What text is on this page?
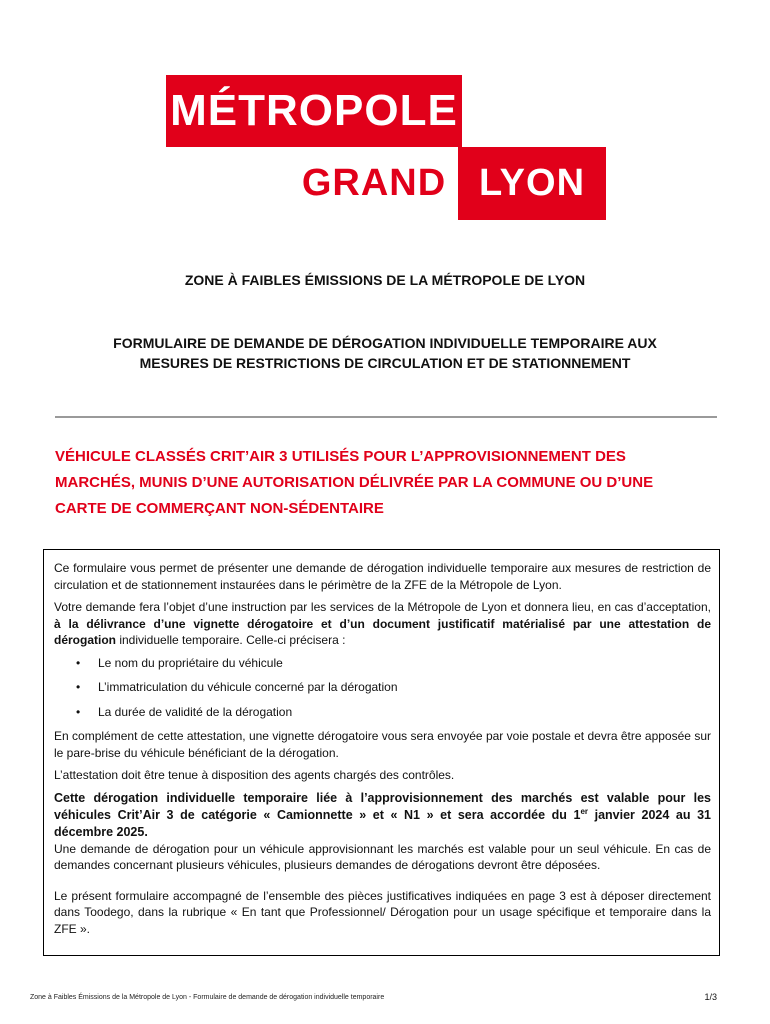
MÉTROPOLE
GRAND LYON
ZONE À FAIBLES ÉMISSIONS DE LA MÉTROPOLE DE LYON
FORMULAIRE DE DEMANDE DE DÉROGATION INDIVIDUELLE TEMPORAIRE AUX
MESURES DE RESTRICTIONS DE CIRCULATION ET DE STATIONNEMENT
VÉHICULE CLASSÉS CRIT’AIR 3 UTILISÉS POUR L’APPROVISIONNEMENT DES
MARCHÉS, MUNIS D’UNE AUTORISATION DÉLIVRÉE PAR LA COMMUNE OU D’UNE
CARTE DE COMMERÇANT NON-SÉDENTAIRE

Ce formulaire vous permet de présenter une demande de dérogation individuelle temporaire aux mesures de restriction de circulation et de stationnement instaurées dans le périmètre de la ZFE de la Métropole de Lyon.

Votre demande fera l’objet d’une instruction par les services de la Métropole de Lyon et donnera lieu, en cas d’acceptation, à la délivrance d’une vignette dérogatoire et d’un document justificatif matérialisé par une attestation de dérogation individuelle temporaire. Celle-ci précisera :

• Le nom du propriétaire du véhicule
• L’immatriculation du véhicule concerné par la dérogation
• La durée de validité de la dérogation

En complément de cette attestation, une vignette dérogatoire vous sera envoyée par voie postale et devra être apposée sur le pare-brise du véhicule bénéficiant de la dérogation.

L’attestation doit être tenue à disposition des agents chargés des contrôles.

Cette dérogation individuelle temporaire liée à l’approvisionnement des marchés est valable pour les véhicules Crit’Air 3 de catégorie « Camionnette » et « N1 » et sera accordée du 1er janvier 2024 au 31 décembre 2025.

Une demande de dérogation pour un véhicule approvisionnant les marchés est valable pour un seul véhicule. En cas de demandes concernant plusieurs véhicules, plusieurs demandes de dérogations devront être déposées.

Le présent formulaire accompagné de l’ensemble des pièces justificatives indiquées en page 3 est à déposer directement dans Toodego, dans la rubrique « En tant que Professionnel/ Dérogation pour un usage spécifique et temporaire dans la ZFE ».

Zone à Faibles Émissions de la Métropole de Lyon - Formulaire de demande de dérogation individuelle temporaire	1/3
